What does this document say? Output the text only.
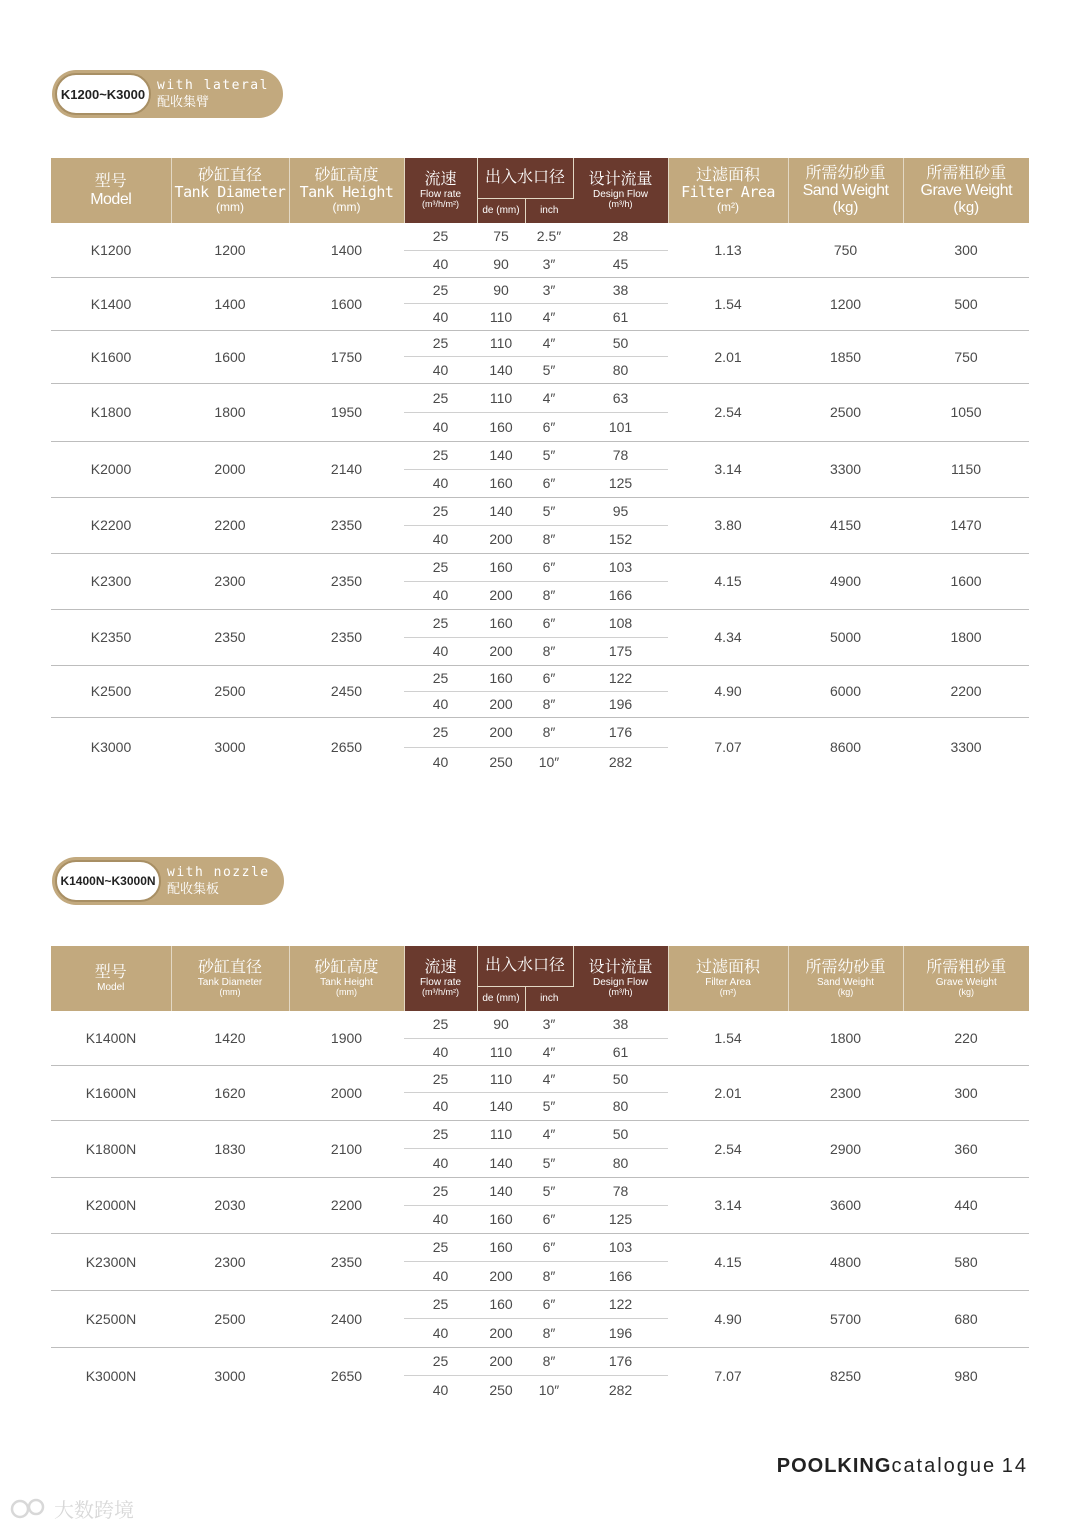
K1200~K3000
with lateral
配收集臂
型号
Model	砂缸直径
Tank Diameter
(mm)	砂缸高度
Tank Height
(mm)	流速
Flow rate
(m³/h/m²)	出入水口径		设计流量
Design Flow
(m³/h)	过滤面积
Filter Area
(m²)	所需幼砂重
Sand Weight
(kg)	所需粗砂重
Grave Weight
(kg)

				de (mm)	inch				
K1200	1200	1400	25	75	2.5″	28	1.13	750	300
			40	90	3″	45			
K1400	1400	1600	25	90	3″	38	1.54	1200	500
			40	110	4″	61			
K1600	1600	1750	25	110	4″	50	2.01	1850	750
			40	140	5″	80			
K1800	1800	1950	25	110	4″	63	2.54	2500	1050
			40	160	6″	101			
K2000	2000	2140	25	140	5″	78	3.14	3300	1150
			40	160	6″	125			
K2200	2200	2350	25	140	5″	95	3.80	4150	1470
			40	200	8″	152			
K2300	2300	2350	25	160	6″	103	4.15	4900	1600
			40	200	8″	166			
K2350	2350	2350	25	160	6″	108	4.34	5000	1800
			40	200	8″	175			
K2500	2500	2450	25	160	6″	122	4.90	6000	2200
			40	200	8″	196			
K3000	3000	2650	25	200	8″	176	7.07	8600	3300
			40	250	10″	282			
K1400N~K3000N
with nozzle
配收集板
型号
Model	砂缸直径
Tank Diameter
(mm)	砂缸高度
Tank Height
(mm)	流速
Flow rate
(m³/h/m²)	出入水口径		设计流量
Design Flow
(m³/h)	过滤面积
Filter Area
(m²)	所需幼砂重
Sand Weight
(kg)	所需粗砂重
Grave Weight
(kg)

				de (mm)	inch				
K1400N	1420	1900	25	90	3″	38	1.54	1800	220
			40	110	4″	61			
K1600N	1620	2000	25	110	4″	50	2.01	2300	300
			40	140	5″	80			
K1800N	1830	2100	25	110	4″	50	2.54	2900	360
			40	140	5″	80			
K2000N	2030	2200	25	140	5″	78	3.14	3600	440
			40	160	6″	125			
K2300N	2300	2350	25	160	6″	103	4.15	4800	580
			40	200	8″	166			
K2500N	2500	2400	25	160	6″	122	4.90	5700	680
			40	200	8″	196			
K3000N	3000	2650	25	200	8″	176	7.07	8250	980
			40	250	10″	282			
POOLKINGcatalogue 14
大数跨境
